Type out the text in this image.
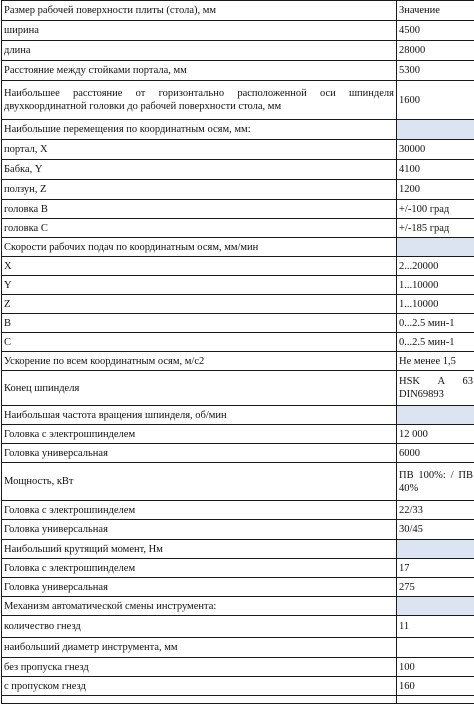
Размер рабочей поверхности плиты (стола), мм	Значение
ширина	4500
длина	28000
Расстояние между стойками портала, мм	5300
Наибольшее расстояние от горизонтально расположенной оси шпинделя двухкоординатной головки до рабочей поверхности стола, мм	1600
Наибольшие перемещения по координатным осям, мм:	
портал, X	30000
Бабка, Y	4100
ползун, Z	1200
головка B	+/-100 град
головка С	+/-185 град
Скорости рабочих подач по координатным осям, мм/мин	
X	2...20000
Y	1...10000
Z	1...10000
B	0...2.5 мин-1
C	0...2.5 мин-1
Ускорение по всем координатным осям, м/с2	Не менее 1,5
Конец шпинделя	HSK A 63 DIN69893
Наибольшая частота вращения шпинделя, об/мин	
Головка с электрошпинделем	12 000
Головка универсальная	6000
Мощность, кВт	ПВ 100%: / ПВ 40%
Головка с электрошпинделем	22/33
Головка универсальная	30/45
Наибольший крутящий момент, Нм	
Головка с электрошпинделем	17
Головка универсальная	275
Механизм автоматической смены инструмента:	
количество гнезд	11
наибольший диаметр инструмента, мм	
без пропуска гнезд	100
с пропуском гнезд	160
